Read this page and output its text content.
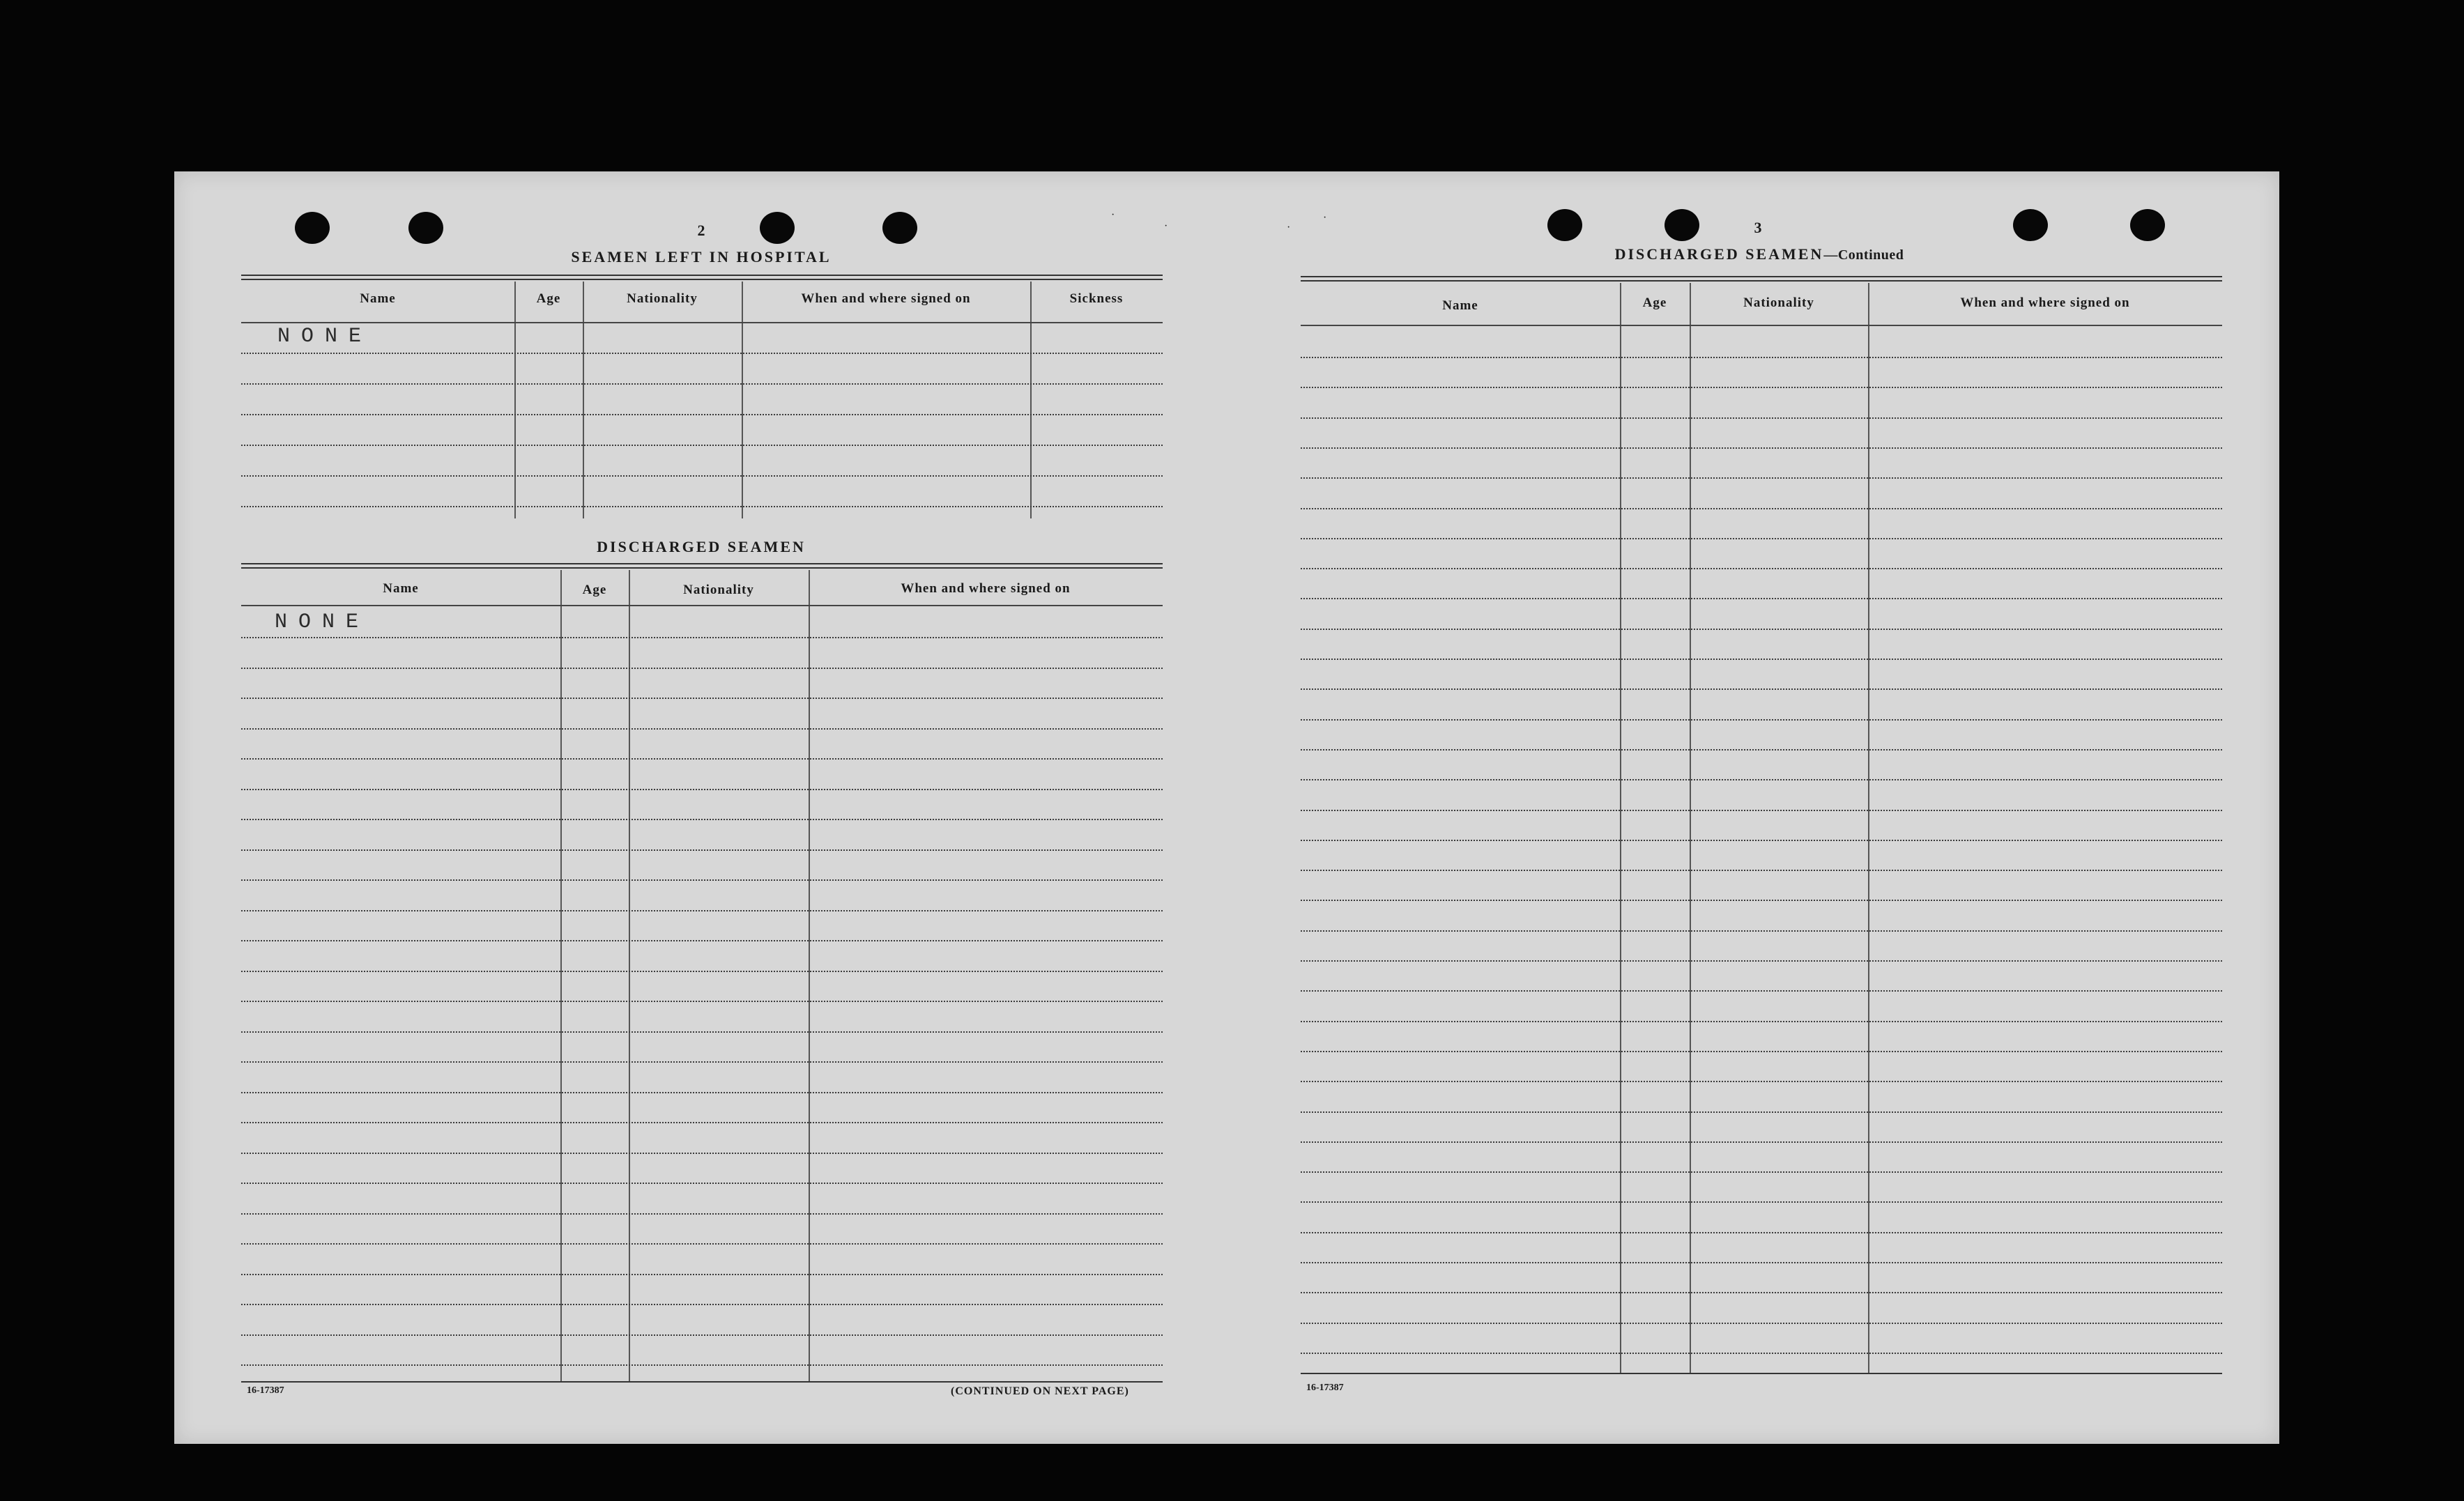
·
·	·
·
2
SEAMEN LEFT IN HOSPITAL
Name	Age	Nationality	When and where signed on	Sickness
NONE
DISCHARGED SEAMEN
Name	Age	Nationality	When and where signed on
NONE
16-17387	(CONTINUED ON NEXT PAGE)
3
DISCHARGED SEAMEN—Continued
Name	Age	Nationality	When and where signed on
16-17387
